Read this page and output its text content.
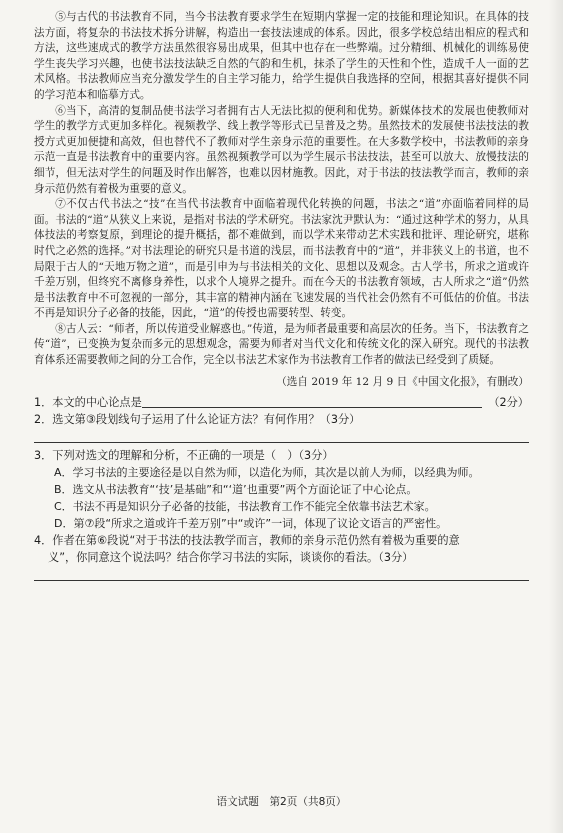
⑤与古代的书法教育不同，当今书法教育要求学生在短期内掌握一定的技能和理论知识。在具体的技法方面，将复杂的书法技术拆分讲解，构造出一套技法速成的体系。因此，很多学校总结出相应的程式和方法，这些速成式的教学方法虽然很容易出成果，但其中也存在一些弊端。过分精细、机械化的训练易使学生丧失学习兴趣，也使书法技法缺乏自然的气韵和生机，抹杀了学生的天性和个性，造成千人一面的艺术风格。书法教师应当充分激发学生的自主学习能力，给学生提供自我选择的空间，根据其喜好提供不同的学习范本和临摹方式。

⑥当下，高清的复制品使书法学习者拥有古人无法比拟的便利和优势。新媒体技术的发展也使教师对学生的教学方式更加多样化。视频教学、线上教学等形式已呈普及之势。虽然技术的发展使书法技法的教授方式更加便捷和高效，但也替代不了教师对学生亲身示范的重要性。在大多数学校中，书法教师的亲身示范一直是书法教育中的重要内容。虽然视频教学可以为学生展示书法技法，甚至可以放大、放慢技法的细节，但无法对学生的问题及时作出解答，也难以因材施教。因此，对于书法的技法教学而言，教师的亲身示范仍然有着极为重要的意义。

⑦不仅古代书法之“技”在当代书法教育中面临着现代化转换的问题，书法之“道”亦面临着同样的局面。书法的“道”从狭义上来说，是指对书法的学术研究。书法家沈尹默认为：“通过这种学术的努力，从具体技法的考察复原，到理论的提升概括，都不难做到，而以学术来带动艺术实践和批评、理论研究，堪称时代之必然的选择。”对书法理论的研究只是书道的浅层，而书法教育中的“道”，并非狭义上的书道，也不局限于古人的“天地万物之道”，而是引申为与书法相关的文化、思想以及观念。古人学书，所求之道或许千差万别，但终究不离修身养性，以求个人境界之提升。而在今天的书法教育领域，古人所求之“道”仍然是书法教育中不可忽视的一部分，其丰富的精神内涵在飞速发展的当代社会仍然有不可低估的价值。书法不再是知识分子必备的技能，因此，“道”的传授也需要转型、转变。

⑧古人云：“师者，所以传道受业解惑也。”传道，是为师者最重要和高层次的任务。当下，书法教育之传“道”，已变换为复杂而多元的思想观念，需要为师者对当代文化和传统文化的深入研究。现代的书法教育体系还需要教师之间的分工合作，完全以书法艺术家作为书法教育工作者的做法已经受到了质疑。

（选自 2019 年 12 月 9 日《中国文化报》，有删改）
1．本文的中心论点是	（2分）
2．选文第③段划线句子运用了什么论证方法？有何作用？（3分）
3．下列对选文的理解和分析，不正确的一项是（　）（3分）
A．学习书法的主要途径是以自然为师，以造化为师，其次是以前人为师，以经典为师。
B．选文从书法教育“‘技’是基础”和“‘道’也重要”两个方面论证了中心论点。
C．书法不再是知识分子必备的技能，书法教育工作不能完全依靠书法艺术家。
D．第⑦段“所求之道或许千差万别”中“或许”一词，体现了议论文语言的严密性。
4．作者在第⑥段说“对于书法的技法教学而言，教师的亲身示范仍然有着极为重要的意
义”，你同意这个说法吗？结合你学习书法的实际，谈谈你的看法。（3分）
语文试题　第2页（共8页）
